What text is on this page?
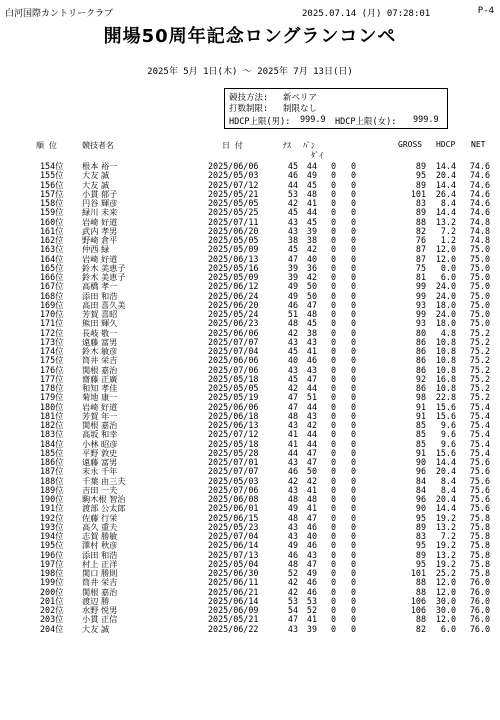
白河国際カントリークラブ	2025.07.14 (月) 07:28:01	P-4
開場50周年記念ロングランコンペ
2025年 5月 1日(木) ～ 2025年 7月 13日(日)
競技方法: 新ペリア
打数制限: 制限なし
HDCP上限(男): 999.9 HDCP上限(女): 999.9
順 位	競技者名	日 付	ﾅｽ ﾊﾟﾝ
ﾀﾞｲ
GROSS HDCP NET
154位 根本 裕一	2025/06/06	45	44	0	0	89	14.4	74.6
155位 大友 誠	2025/05/03	46	49	0	0	95	20.4	74.6
156位 大友 誠	2025/07/12	44	45	0	0	89	14.4	74.6
157位 小貫 郁子	2025/05/21	53	48	0	0	101	26.4	74.6
158位 円谷 輝彦	2025/05/05	42	41	0	0	83	8.4	74.6
159位 緑川 未来	2025/05/25	45	44	0	0	89	14.4	74.6
160位 岩崎 好道	2025/07/11	43	45	0	0	88	13.2	74.8
161位 武内 孝男	2025/06/20	43	39	0	0	82	7.2	74.8
162位 野崎 倉平	2025/05/05	38	38	0	0	76	1.2	74.8
163位 仲西 緑	2025/05/09	45	42	0	0	87	12.0	75.0
164位 岩崎 好道	2025/06/13	47	40	0	0	87	12.0	75.0
165位 鈴木 美恵子	2025/05/16	39	36	0	0	75	0.0	75.0
166位 鈴木 美恵子	2025/05/09	39	42	0	0	81	6.0	75.0
167位 高橋 孝一	2025/06/12	49	50	0	0	99	24.0	75.0
168位 添田 和浩	2025/06/24	49	50	0	0	99	24.0	75.0
169位 高田 喜久美	2025/06/20	46	47	0	0	93	18.0	75.0
170位 芳賀 喜昭	2025/05/24	51	48	0	0	99	24.0	75.0
171位 熊田 輝久	2025/06/23	48	45	0	0	93	18.0	75.0
172位 長岐 敬一	2025/06/06	42	38	0	0	80	4.8	75.2
173位 遠藤 富男	2025/07/07	43	43	0	0	86	10.8	75.2
174位 鈴木 敏彦	2025/07/04	45	41	0	0	86	10.8	75.2
175位 筒井 栄吉	2025/06/06	40	46	0	0	86	10.8	75.2
176位 関根 嘉治	2025/07/06	43	43	0	0	86	10.8	75.2
177位 齋藤 正廣	2025/05/18	45	47	0	0	92	16.8	75.2
178位 和知 孝佳	2025/05/05	42	44	0	0	86	10.8	75.2
179位 菊地 康一	2025/05/19	47	51	0	0	98	22.8	75.2
180位 岩崎 好道	2025/06/06	47	44	0	0	91	15.6	75.4
181位 芳賀 年一	2025/06/18	48	43	0	0	91	15.6	75.4
182位 関根 嘉治	2025/06/13	43	42	0	0	85	9.6	75.4
183位 高坂 和幸	2025/07/12	41	44	0	0	85	9.6	75.4
184位 小林 昭彦	2025/05/18	41	44	0	0	85	9.6	75.4
185位 平野 敦史	2025/05/28	44	47	0	0	91	15.6	75.4
186位 遠藤 富男	2025/07/01	43	47	0	0	90	14.4	75.6
187位 末永 千年	2025/07/07	46	50	0	0	96	20.4	75.6
188位 千葉 由三夫	2025/05/03	42	42	0	0	84	8.4	75.6
189位 吉田 一夫	2025/07/06	43	41	0	0	84	8.4	75.6
190位 駒木根 智治	2025/06/08	48	48	0	0	96	20.4	75.6
191位 渡部 公太郎	2025/06/01	49	41	0	0	90	14.4	75.6
192位 佐藤 行栄	2025/06/15	48	47	0	0	95	19.2	75.8
193位 高久 重夫	2025/05/23	43	46	0	0	89	13.2	75.8
194位 志賀 勝敏	2025/07/04	43	40	0	0	83	7.2	75.8
195位 澤村 秋彦	2025/06/14	49	46	0	0	95	19.2	75.8
196位 添田 和浩	2025/07/13	46	43	0	0	89	13.2	75.8
197位 村上 正洋	2025/05/04	48	47	0	0	95	19.2	75.8
198位 関口 勝則	2025/06/30	52	49	0	0	101	25.2	75.8
199位 筒井 栄吉	2025/06/11	42	46	0	0	88	12.0	76.0
200位 関根 嘉治	2025/06/21	42	46	0	0	88	12.0	76.0
201位 渡辺 勝	2025/06/14	53	53	0	0	106	30.0	76.0
202位 水野 悦男	2025/06/09	54	52	0	0	106	30.0	76.0
203位 小貫 正信	2025/05/21	47	41	0	0	88	12.0	76.0
204位 大友 誠	2025/06/22	43	39	0	0	82	6.0	76.0
